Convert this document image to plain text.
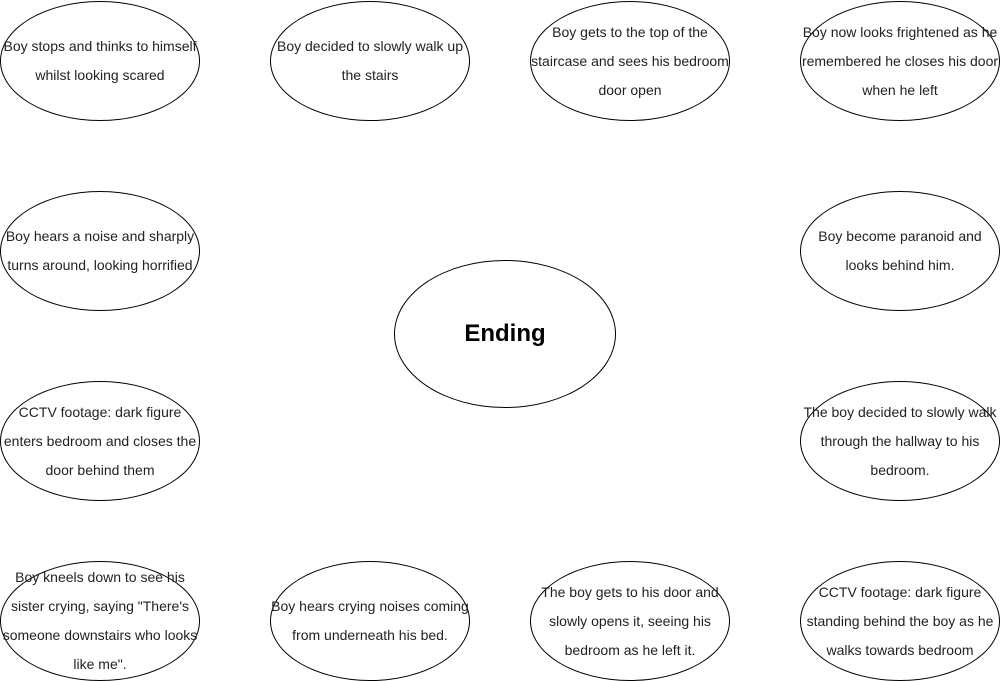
Boy stops and thinks to himself whilst looking scared
Boy decided to slowly walk up the stairs
Boy gets to the top of the staircase and sees his bedroom door open
Boy now looks frightened as he remembered he closes his door when he left
Boy hears a noise and sharply turns around, looking horrified
Boy become paranoid and looks behind him.
Ending
CCTV footage: dark figure enters bedroom and closes the door behind them
The boy decided to slowly walk through the hallway to his bedroom.
Boy kneels down to see his sister crying, saying "There's someone downstairs who looks like me".
Boy hears crying noises coming from underneath his bed.
The boy gets to his door and slowly opens it, seeing his bedroom as he left it.
CCTV footage: dark figure standing behind the boy as he walks towards bedroom
